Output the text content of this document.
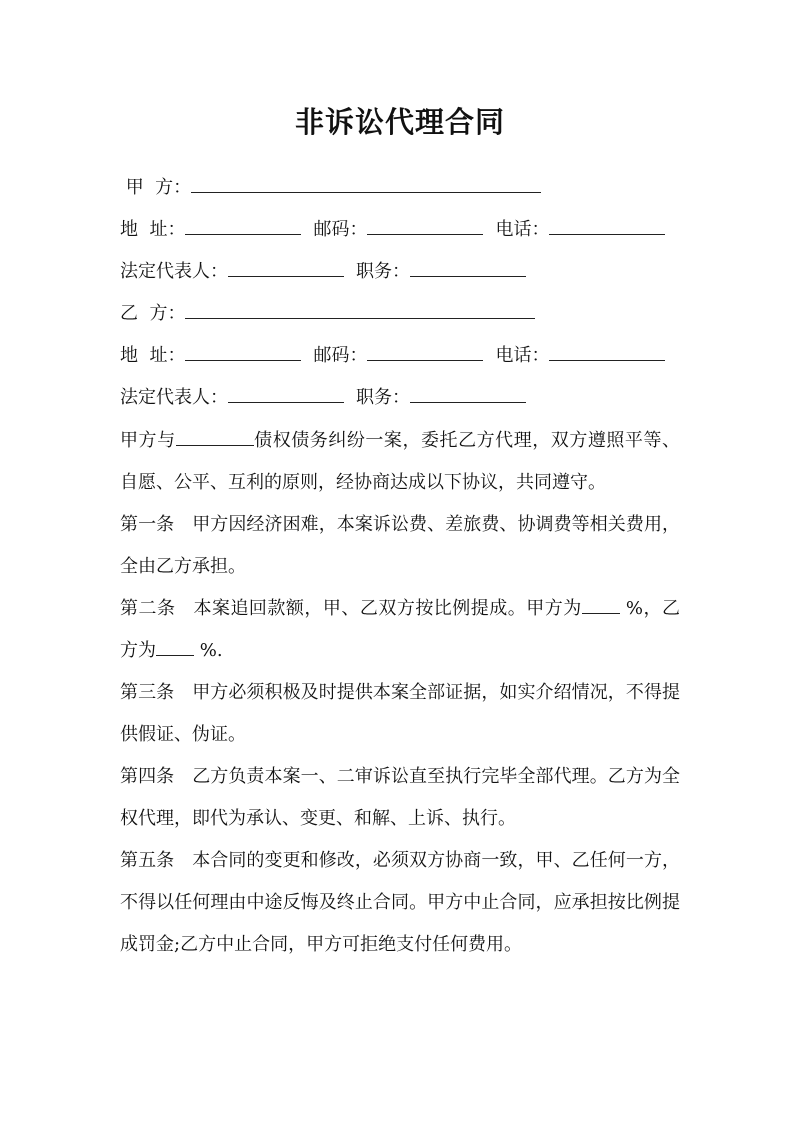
非诉讼代理合同
甲  方：
地  址：	邮码：	电话：
法定代表人：	职务：
乙  方：
地  址：	邮码：	电话：
法定代表人：	职务：
甲方与	债权债务纠纷一案，委托乙方代理，双方遵照平等、自愿、公平、互利的原则，经协商达成以下协议，共同遵守。
第一条 甲方因经济困难，本案诉讼费、差旅费、协调费等相关费用，全由乙方承担。
第二条 本案追回款额，甲、乙双方按比例提成。甲方为 %，乙方为 %.
第三条 甲方必须积极及时提供本案全部证据，如实介绍情况，不得提供假证、伪证。
第四条 乙方负责本案一、二审诉讼直至执行完毕全部代理。乙方为全权代理，即代为承认、变更、和解、上诉、执行。
第五条 本合同的变更和修改，必须双方协商一致，甲、乙任何一方，不得以任何理由中途反悔及终止合同。甲方中止合同，应承担按比例提成罚金;乙方中止合同，甲方可拒绝支付任何费用。
